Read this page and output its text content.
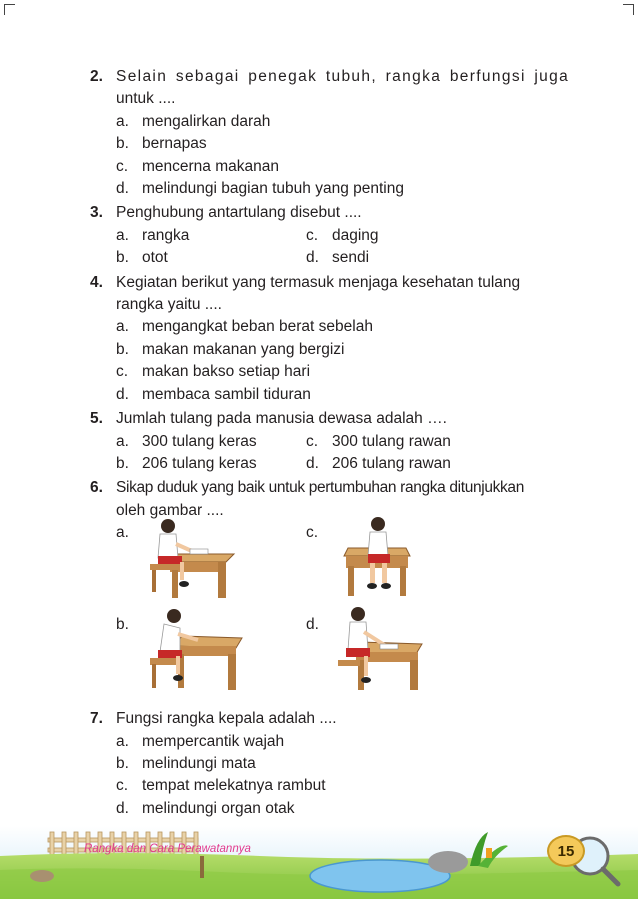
2. Selain sebagai penegak tubuh, rangka berfungsi juga
untuk ....
a. mengalirkan darah
b. bernapas
c. mencerna makanan
d. melindungi bagian tubuh yang penting
3. Penghubung antartulang disebut ....
a. rangka	c. daging
b. otot	d. sendi
4. Kegiatan berikut yang termasuk menjaga kesehatan tulang
rangka yaitu ....
a. mengangkat beban berat sebelah
b. makan makanan yang bergizi
c. makan bakso setiap hari
d. membaca sambil tiduran
5. Jumlah tulang pada manusia dewasa adalah ….
a. 300 tulang keras	c. 300 tulang rawan
b. 206 tulang keras	d. 206 tulang rawan
6. Sikap duduk yang baik untuk pertumbuhan rangka ditunjukkan
oleh gambar ....
a.	c.
b.	d.
7. Fungsi rangka kepala adalah ....
a. mempercantik wajah
b. melindungi mata
c. tempat melekatnya rambut
d. melindungi organ otak
Rangka dan Cara Perawatannya	15
